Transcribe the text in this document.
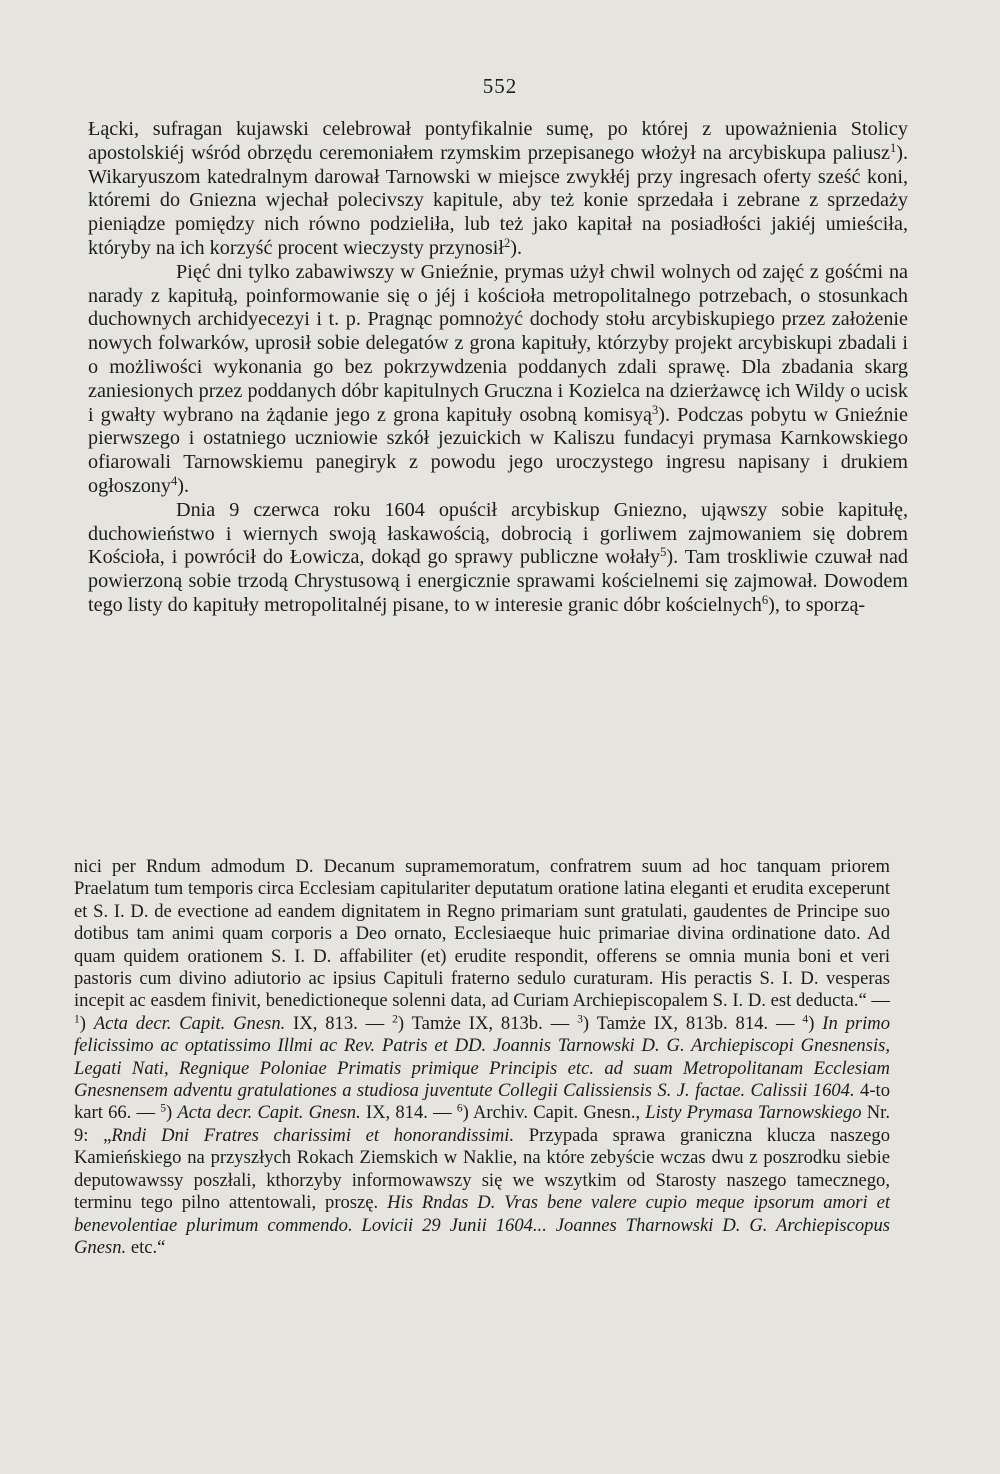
552

Łącki, sufragan kujawski celebrował pontyfikalnie sumę, po której z upoważnienia Stolicy apostolskiéj wśród obrzędu ceremoniałem rzymskim przepisanego włożył na arcybiskupa paliusz$^1$). Wikaryuszom katedralnym darował Tarnowski w miejsce zwykłéj przy ingresach oferty sześć koni, któremi do Gniezna wjechał polecivszy kapitule, aby też konie sprzedała i zebrane z sprzedaży pieniądze pomiędzy nich równo podzieliła, lub też jako kapitał na posiadłości jakiéj umieściła, któryby na ich korzyść procent wieczysty przynosił$^2$).

Pięć dni tylko zabawiwszy w Gnieźnie, prymas użył chwil wolnych od zajęć z gośćmi na narady z kapitułą, poinformowanie się o jéj i kościoła metropolitalnego potrzebach, o stosunkach duchownych archidyecezyi i t. p. Pragnąc pomnożyć dochody stołu arcybiskupiego przez założenie nowych folwarków, uprosił sobie delegatów z grona kapituły, którzyby projekt arcybiskupi zbadali i o możliwości wykonania go bez pokrzywdzenia poddanych zdali sprawę. Dla zbadania skarg zaniesionych przez poddanych dóbr kapitulnych Grucznа i Kozielca na dzierżawcę ich Wildy o ucisk i gwałty wybrano na żądanie jego z grona kapituły osobną komisyą$^3$). Podczas pobytu w Gnieźnie pierwszego i ostatniego uczniowie szkół jezuickich w Kaliszu fundacyi prymasa Karnkowskiego ofiarowali Tarnowskiemu panegiryk z powodu jego uroczystego ingresu napisany i drukiem ogłoszony$^4$).

Dnia 9 czerwca roku 1604 opuścił arcybiskup Gniezno, ująwszy sobie kapitułę, duchowieństwo i wiernych swoją łaskawością, dobrocią i gorliwem zajmowaniem się dobrem Kościoła, i powrócił do Łowicza, dokąd go sprawy publiczne wołały$^5$). Tam troskliwie czuwał nad powierzoną sobie trzodą Chrystusową i energicznie sprawami kościelnemi się zajmował. Dowodem tego listy do kapituły metropolitalnéj pisane, to w interesie granic dóbr kościelnych$^6$), to sporzą-

nici per Rndum admodum D. Decanum supramemoratum, confratrem suum ad hoc tanquam priorem Praelatum tum temporis circa Ecclesiam capitulariter deputatum oratione latina eleganti et erudita exceperunt et S. I. D. de evectione ad eandem dignitatem in Regno primariam sunt gratulati, gaudentes de Principe suo dotibus tam animi quam corporis a Deo ornato, Ecclesiaeque huic primariae divina ordinatione dato. Ad quam quidem orationem S. I. D. affabiliter (et) erudite respondit, offerens se omnia munia boni et veri pastoris cum divino adiutorio ac ipsius Capituli fraterno sedulo curaturam. His peractis S. I. D. vesperas incepit ac easdem finivit, benedictioneque solenni data, ad Curiam Archiepiscopalem S. I. D. est deducta.“ — $^1$) Acta decr. Capit. Gnesn. IX, 813. — $^2$) Tamże IX, 813b. — $^3$) Tamże IX, 813b. 814. — $^4$) In primo felicissimo ac optatissimo Illmi ac Rev. Patris et DD. Joannis Tarnowski D. G. Archiepiscopi Gnesnensis, Legati Nati, Regnique Poloniae Primatis primique Principis etc. ad suam Metropolitanam Ecclesiam Gnesnensem adventu gratulationes a studiosa juventute Collegii Calissiensis S. J. factae. Calissii 1604. 4-to kart 66. — $^5$) Acta decr. Capit. Gnesn. IX, 814. — $^6$) Archiv. Capit. Gnesn., Listy Prymasa Tarnowskiego Nr. 9: „Rndi Dni Fratres charissimi et honorandissimi. Przypada sprawa graniczna klucza naszego Kamieńskiego na przyszłych Rokach Ziemskich w Naklie, na które zebyście wczas dwu z poszrodku siebie deputowawssy poszłali, kthorzyby informowawszy się we wszytkim od Starosty naszego tamecznego, terminu tego pilno attentowali, proszę. His Rndas D. Vras bene valere cupio meque ipsorum amori et benevolentiae plurimum commendo. Lovicii 29 Junii 1604... Joannes Tharnowski D. G. Archiepiscopus Gnesn. etc.“
